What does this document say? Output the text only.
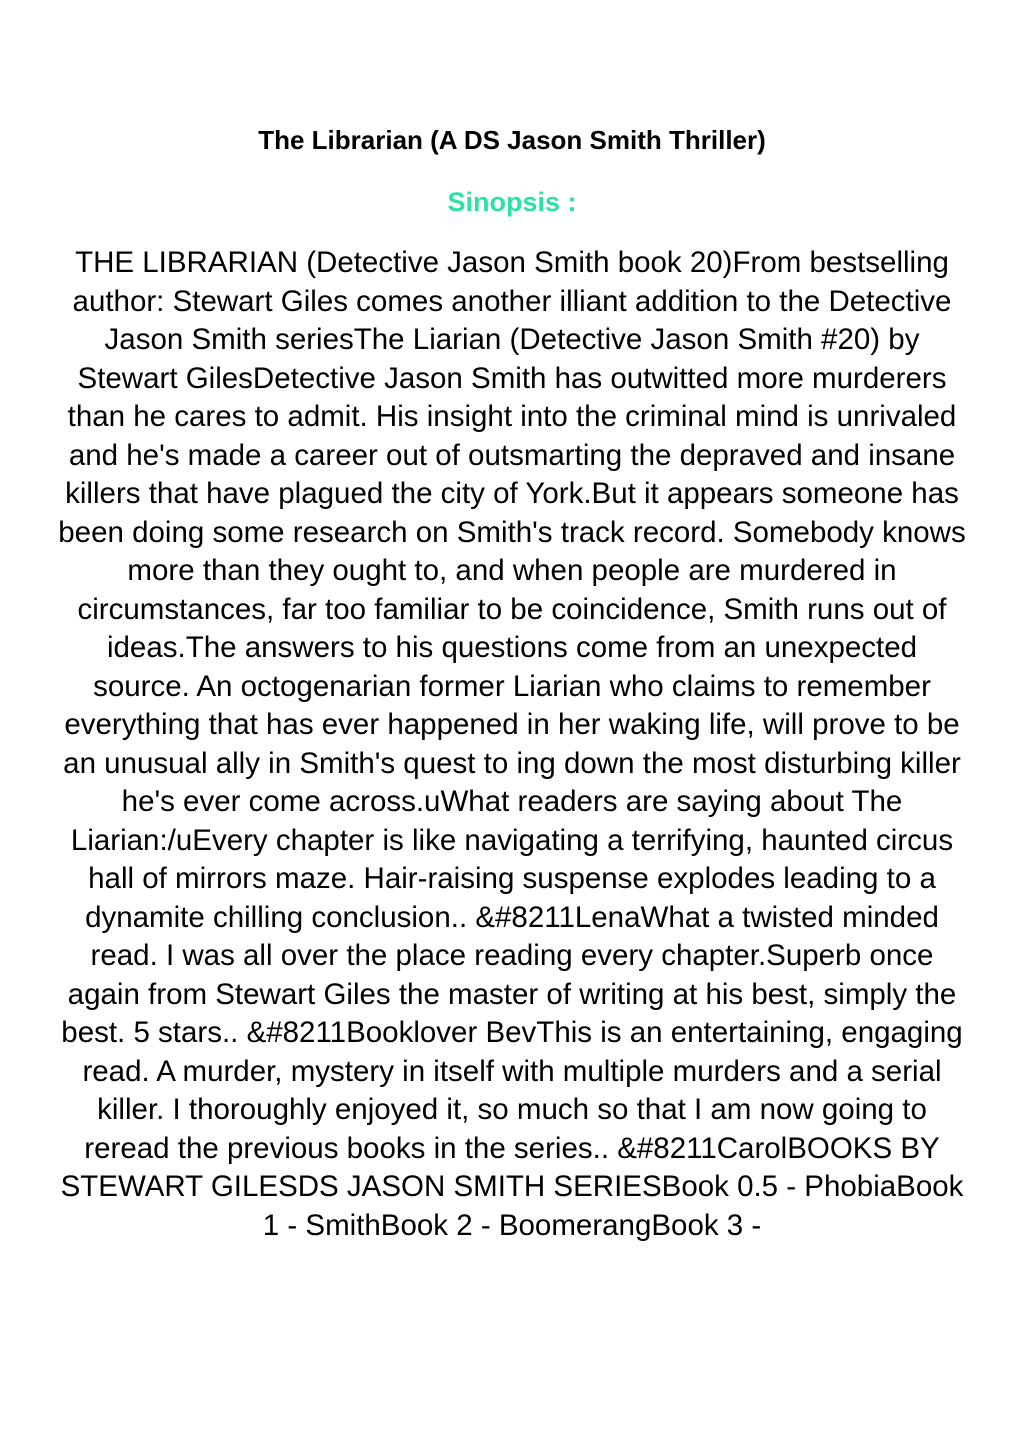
The Librarian (A DS Jason Smith Thriller)
Sinopsis :

THE LIBRARIAN (Detective Jason Smith book 20)From bestselling author: Stewart Giles comes another illiant addition to the Detective Jason Smith seriesThe Liarian (Detective Jason Smith #20) by Stewart GilesDetective Jason Smith has outwitted more murderers than he cares to admit. His insight into the criminal mind is unrivaled and he's made a career out of outsmarting the depraved and insane killers that have plagued the city of York.But it appears someone has been doing some research on Smith's track record. Somebody knows more than they ought to, and when people are murdered in circumstances, far too familiar to be coincidence, Smith runs out of ideas.The answers to his questions come from an unexpected source. An octogenarian former Liarian who claims to remember everything that has ever happened in her waking life, will prove to be an unusual ally in Smith's quest to ing down the most disturbing killer he's ever come across.uWhat readers are saying about The Liarian:/uEvery chapter is like navigating a terrifying, haunted circus hall of mirrors maze. Hair-raising suspense explodes leading to a dynamite chilling conclusion.. &#8211LenaWhat a twisted minded read. I was all over the place reading every chapter.Superb once again from Stewart Giles the master of writing at his best, simply the best. 5 stars.. &#8211Booklover BevThis is an entertaining, engaging read. A murder, mystery in itself with multiple murders and a serial killer. I thoroughly enjoyed it, so much so that I am now going to reread the previous books in the series.. &#8211CarolBOOKS BY STEWART GILESDS JASON SMITH SERIESBook 0.5 - PhobiaBook 1 - SmithBook 2 - BoomerangBook 3 -
